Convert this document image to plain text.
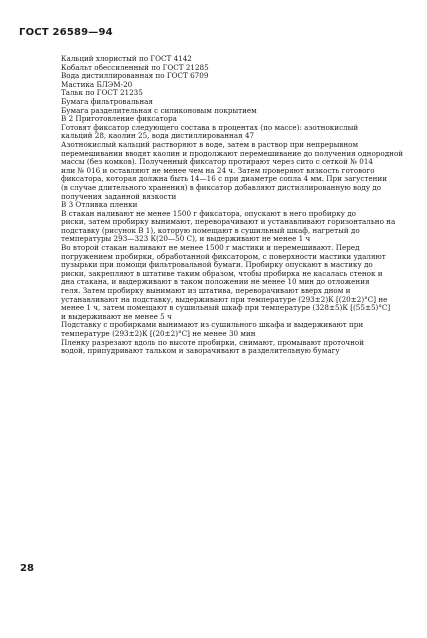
ГОСТ 26589—94
Кальций хлористый по ГОСТ 4142
Кобальт обессиленный по ГОСТ 21285
Вода дистиллированная по ГОСТ 6709
Мастика БЛЭМ-20
Тальк по ГОСТ 21235
Бумага фильтровальная
Бумага разделительная с силиконовым покрытием
В 2 Приготовление фиксатора
Готовят фиксатор следующего состава в процентах (по массе): азотнокислый
кальций 28, каолин 25, вода дистиллированная 47
Азотнокислый кальций растворяют в воде, затем в раствор при непрерывном
перемешивании вводят каолин и продолжают перемешивание до получения однородной
массы (без комков). Полученный фиксатор протирают через сито с сеткой № 014
или № 016 и оставляют не менее чем на 24 ч. Затем проверяют вязкость готового
фиксатора, которая должна быть 14—16 с при диаметре сопла 4 мм. При загустении
(в случае длительного хранения) в фиксатор добавляют дистиллированную воду до
получения заданной вязкости
В 3 Отливка пленки
В стакан наливают не менее 1500 г фиксатора, опускают в него пробирку до
риски, затем пробирку вынимают, переворачивают и устанавливают горизонтально на
подставку (рисунок В 1), которую помещают в сушильный шкаф, нагретый до
температуры 293—323 К(20—50 С), и выдерживают не менее 1 ч
Во второй стакан наливают не менее 1500 г мастики и перемешивают. Перед
погружением пробирки, обработанной фиксатором, с поверхности мастики удаляют
пузырьки при помощи фильтровальной бумаги. Пробирку опускают в мастику до
риски, закрепляют в штативе таким образом, чтобы пробирка не касалась стенок и
дна стакана, и выдерживают в таком положении не менее 10 мин до отложения
геля. Затем пробирку вынимают из штатива, переворачивают вверх дном и
устанавливают на подставку, выдерживают при температуре (293±2)К [(20±2)°С] не
менее 1 ч, затем помещают в сушильный шкаф при температуре (328±5)К [(55±5)°С]
и выдерживают не менее 5 ч
Подставку с пробирками вынимают из сушильного шкафа и выдерживают при
температуре (293±2)К [(20±2)°С] не менее 30 мин
Пленку разрезают вдоль по высоте пробирки, снимают, промывают проточной
водой, припудривают тальком и заворачивают в разделительную бумагу
28
